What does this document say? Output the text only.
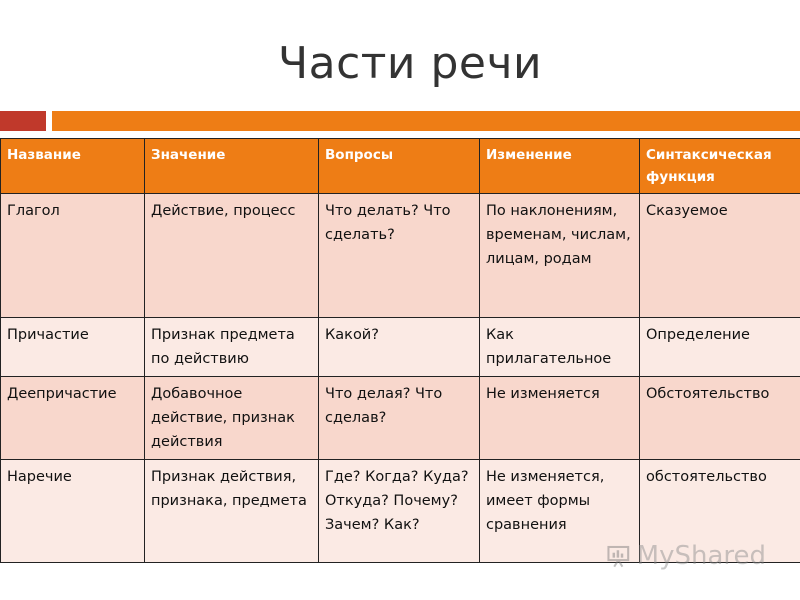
Части речи
Название	Значение	Вопросы	Изменение	Синтаксическая функция
Глагол	Действие, процесс	Что делать? Что сделать?	По наклонениям, временам, числам, лицам, родам	Сказуемое
Причастие	Признак предмета по действию	Какой?	Как прилагательное	Определение
Деепричастие	Добавочное действие, признак действия	Что делая? Что сделав?	Не изменяется	Обстоятельство
Наречие	Признак действия, признака, предмета	Где? Когда? Куда? Откуда? Почему? Зачем? Как?	Не изменяется, имеет формы сравнения	обстоятельство
MyShared
